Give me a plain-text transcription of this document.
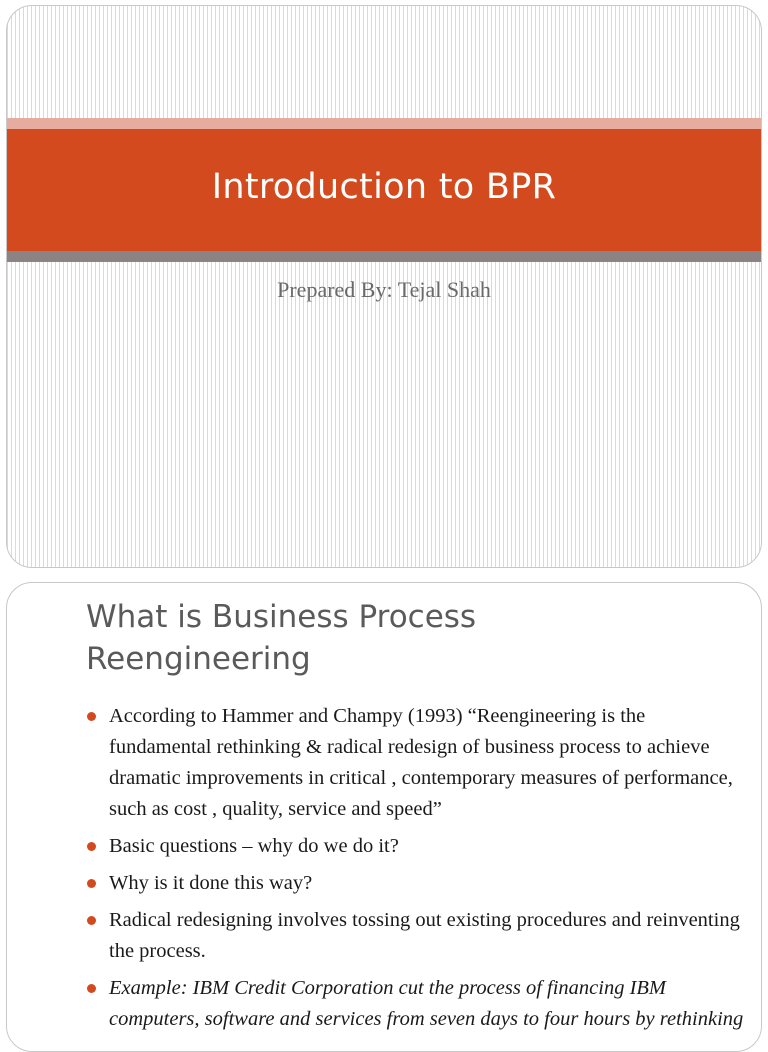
Introduction to BPR
Prepared By: Tejal Shah
What is Business Process
Reengineering
According to Hammer and Champy (1993) “Reengineering is the fundamental rethinking & radical redesign of business process to achieve dramatic improvements in critical , contemporary measures of performance, such as cost , quality, service and speed”
Basic questions – why do we do it?
Why is it done this way?
Radical redesigning involves tossing out existing procedures and reinventing the process.
Example: IBM Credit Corporation cut the process of financing IBM computers, software and services from seven days to four hours by rethinking
